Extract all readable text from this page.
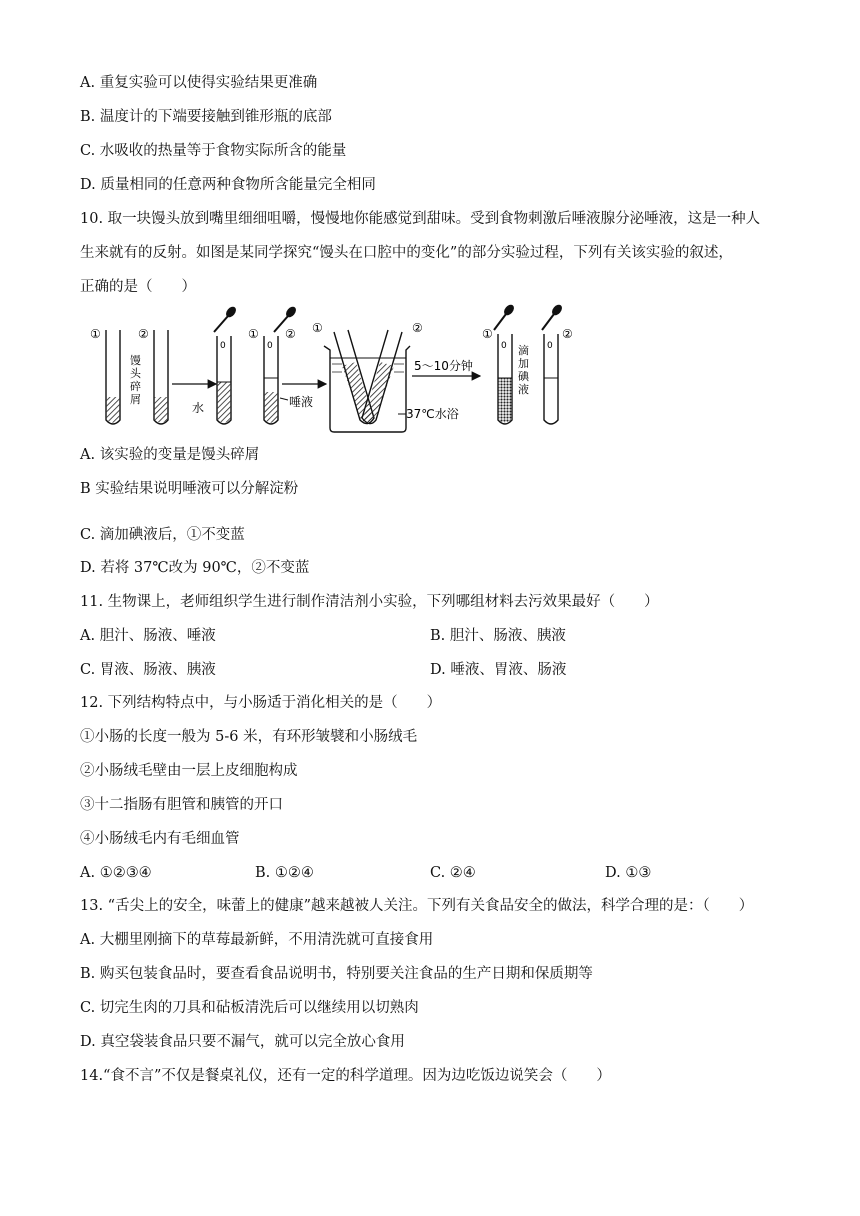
A. 重复实验可以使得实验结果更准确
B. 温度计的下端要接触到锥形瓶的底部
C. 水吸收的热量等于食物实际所含的能量
D. 质量相同的任意两种食物所含能量完全相同
10. 取一块馒头放到嘴里细细咀嚼，慢慢地你能感觉到甜味。受到食物刺激后唾液腺分泌唾液，这是一种人
生来就有的反射。如图是某同学探究“馒头在口腔中的变化”的部分实验过程，下列有关该实验的叙述，
正确的是（　　）
①
馒头碎屑
②
水
0
①
0
②
唾液
①	②
37℃水浴
5～10分钟
①
0 滴加碘液
0
②
A. 该实验的变量是馒头碎屑
B 实验结果说明唾液可以分解淀粉
C. 滴加碘液后，①不变蓝
D. 若将 37℃改为 90℃，②不变蓝
11. 生物课上，老师组织学生进行制作清洁剂小实验，下列哪组材料去污效果最好（　　）
A. 胆汁、肠液、唾液	B. 胆汁、肠液、胰液
C. 胃液、肠液、胰液	D. 唾液、胃液、肠液
12. 下列结构特点中，与小肠适于消化相关的是（　　）
①小肠的长度一般为 5-6 米，有环形皱襞和小肠绒毛
②小肠绒毛壁由一层上皮细胞构成
③十二指肠有胆管和胰管的开口
④小肠绒毛内有毛细血管
A. ①②③④	B. ①②④	C. ②④	D. ①③
13. “舌尖上的安全，味蕾上的健康”越来越被人关注。下列有关食品安全的做法，科学合理的是：（　　）
A. 大棚里刚摘下的草莓最新鲜，不用清洗就可直接食用
B. 购买包装食品时，要查看食品说明书，特别要关注食品的生产日期和保质期等
C. 切完生肉的刀具和砧板清洗后可以继续用以切熟肉
D. 真空袋装食品只要不漏气，就可以完全放心食用
14.“食不言”不仅是餐桌礼仪，还有一定的科学道理。因为边吃饭边说笑会（　　）
